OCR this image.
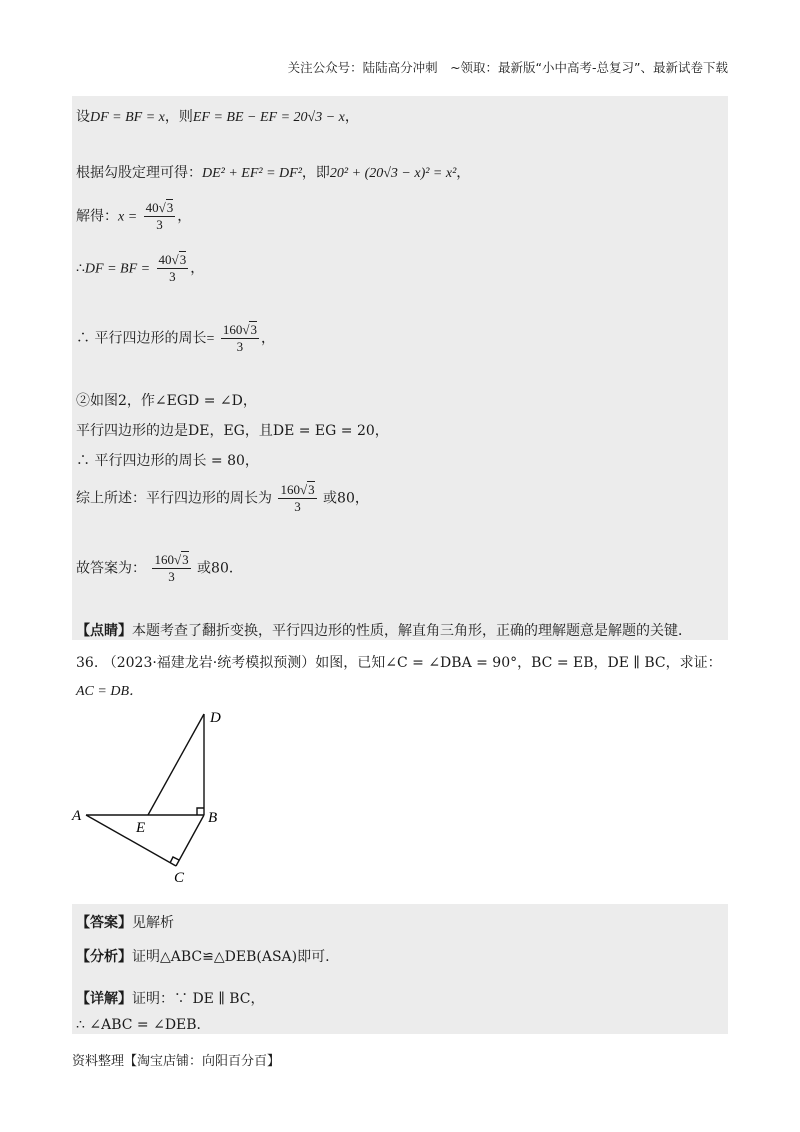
关注公众号：陆陆高分冲刺　~领取：最新版“小中高考-总复习”、最新试卷下载
设DF = BF = x，则EF = BE − EF = 20√3 − x，
根据勾股定理可得：DE² + EF² = DF²，即20² + (20√3 − x)² = x²，
解得：$x = \frac{40√3}{3}$ ，
∴DF = BF = $\frac{40√3}{3}$ ，
∴ 平行四边形的周长= $\frac{160√3}{3}$ ，
②如图2，作∠EGD = ∠D，
平行四边形的边是DE，EG，且DE = EG = 20，
∴ 平行四边形的周长 = 80，
综上所述：平行四边形的周长为 $\frac{160√3}{3}$ 或80，
故答案为： $\frac{160√3}{3}$ 或80．
【点睛】本题考查了翻折变换，平行四边形的性质，解直角三角形，正确的理解题意是解题的关键．
36. （2023·福建龙岩·统考模拟预测）如图，已知∠C = ∠DBA = 90°，BC = EB，DE ∥ BC，求证：
AC = DB．
D
A	B
E
C
【答案】见解析
【分析】证明△ABC≌△DEB(ASA)即可.
【详解】证明：∵ DE ∥ BC，
∴ ∠ABC = ∠DEB．
资料整理【淘宝店铺：向阳百分百】
